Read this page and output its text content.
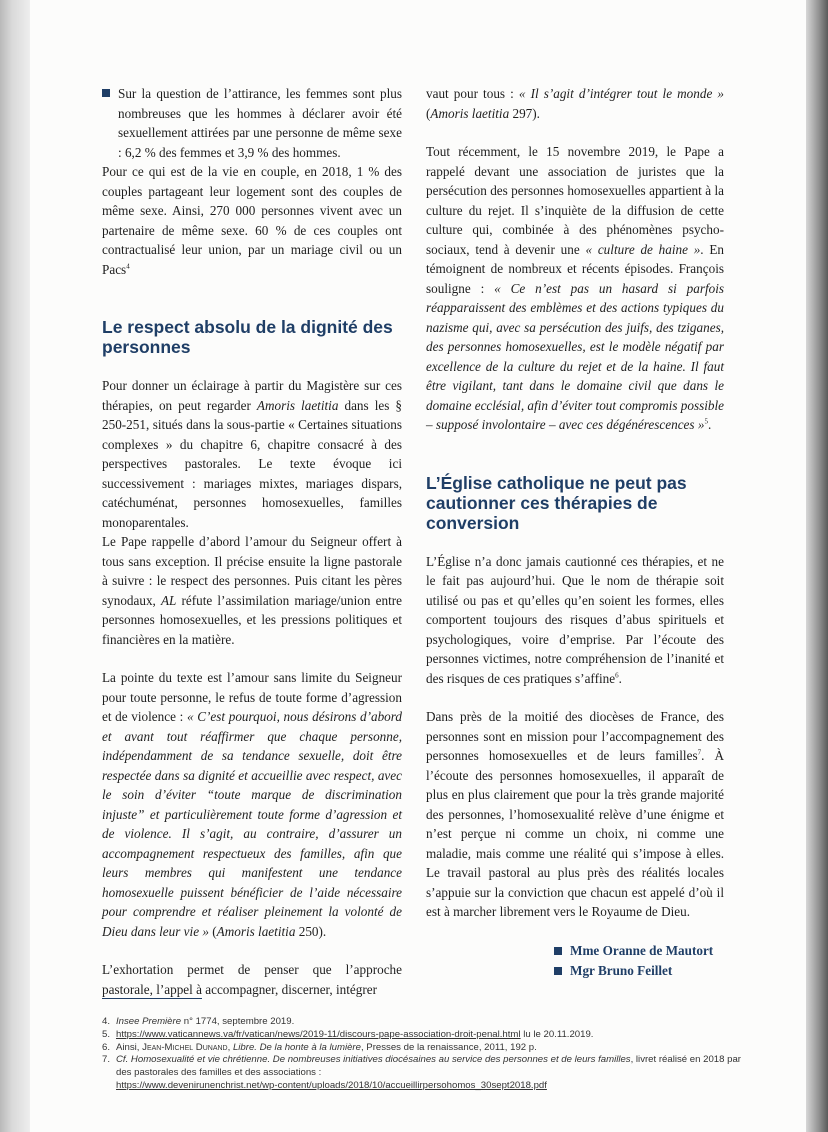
Sur la question de l’attirance, les femmes sont plus nombreuses que les hommes à déclarer avoir été sexuellement attirées par une personne de même sexe : 6,2 % des femmes et 3,9 % des hommes.

Pour ce qui est de la vie en couple, en 2018, 1 % des couples partageant leur logement sont des couples de même sexe. Ainsi, 270 000 personnes vivent avec un partenaire de même sexe. 60 % de ces couples ont contractualisé leur union, par un mariage civil ou un Pacs$^4$

Le respect absolu de la dignité des personnes

Pour donner un éclairage à partir du Magistère sur ces thérapies, on peut regarder Amoris laetitia dans les § 250-251, situés dans la sous-partie « Certaines situations complexes » du chapitre 6, chapitre consacré à des perspectives pastorales. Le texte évoque ici successivement : mariages mixtes, mariages dispars, catéchuménat, personnes homosexuelles, familles monoparentales.

Le Pape rappelle d’abord l’amour du Seigneur offert à tous sans exception. Il précise ensuite la ligne pastorale à suivre : le respect des personnes. Puis citant les pères synodaux, AL réfute l’assimilation mariage/union entre personnes homosexuelles, et les pressions politiques et financières en la matière.

La pointe du texte est l’amour sans limite du Seigneur pour toute personne, le refus de toute forme d’agression et de violence : « C’est pourquoi, nous désirons d’abord et avant tout réaffirmer que chaque personne, indépendamment de sa tendance sexuelle, doit être respectée dans sa dignité et accueillie avec respect, avec le soin d’éviter “toute marque de discrimination injuste” et particulièrement toute forme d’agression et de violence. Il s’agit, au contraire, d’assurer un accompagnement respectueux des familles, afin que leurs membres qui manifestent une tendance homosexuelle puissent bénéficier de l’aide nécessaire pour comprendre et réaliser pleinement la volonté de Dieu dans leur vie » (Amoris laetitia 250).

L’exhortation permet de penser que l’approche pastorale, l’appel à accompagner, discerner, intégrer

vaut pour tous : « Il s’agit d’intégrer tout le monde » (Amoris laetitia 297).

Tout récemment, le 15 novembre 2019, le Pape a rappelé devant une association de juristes que la persécution des personnes homosexuelles appartient à la culture du rejet. Il s’inquiète de la diffusion de cette culture qui, combinée à des phénomènes psycho-sociaux, tend à devenir une « culture de haine ». En témoignent de nombreux et récents épisodes. François souligne : « Ce n’est pas un hasard si parfois réapparaissent des emblèmes et des actions typiques du nazisme qui, avec sa persécution des juifs, des tziganes, des personnes homosexuelles, est le modèle négatif par excellence de la culture du rejet et de la haine. Il faut être vigilant, tant dans le domaine civil que dans le domaine ecclésial, afin d’éviter tout compromis possible – supposé involontaire – avec ces dégénérescences »$^5$.

L’Église catholique ne peut pas cautionner ces thérapies de conversion

L’Église n’a donc jamais cautionné ces thérapies, et ne le fait pas aujourd’hui. Que le nom de thérapie soit utilisé ou pas et qu’elles qu’en soient les formes, elles comportent toujours des risques d’abus spirituels et psychologiques, voire d’emprise. Par l’écoute des personnes victimes, notre compréhension de l’inanité et des risques de ces pratiques s’affine$^6$.

Dans près de la moitié des diocèses de France, des personnes sont en mission pour l’accompagnement des personnes homosexuelles et de leurs familles$^7$. À l’écoute des personnes homosexuelles, il apparaît de plus en plus clairement que pour la très grande majorité des personnes, l’homosexualité relève d’une énigme et n’est perçue ni comme un choix, ni comme une maladie, mais comme une réalité qui s’impose à elles. Le travail pastoral au plus près des réalités locales s’appuie sur la conviction que chacun est appelé d’où il est à marcher librement vers le Royaume de Dieu.

Mme Oranne de Mautort
Mgr Bruno Feillet
4. Insee Première n° 1774, septembre 2019.
5. https://www.vaticannews.va/fr/vatican/news/2019-11/discours-pape-association-droit-penal.html lu le 20.11.2019.
6. Ainsi, Jean-Michel Dunand, Libre. De la honte à la lumière, Presses de la renaissance, 2011, 192 p.
7. Cf. Homosexualité et vie chrétienne. De nombreuses initiatives diocésaines au service des personnes et de leurs familles, livret réalisé en 2018 par des pastorales des familles et des associations :
https://www.devenirunenchrist.net/wp-content/uploads/2018/10/accueillirpersohomos_30sept2018.pdf
